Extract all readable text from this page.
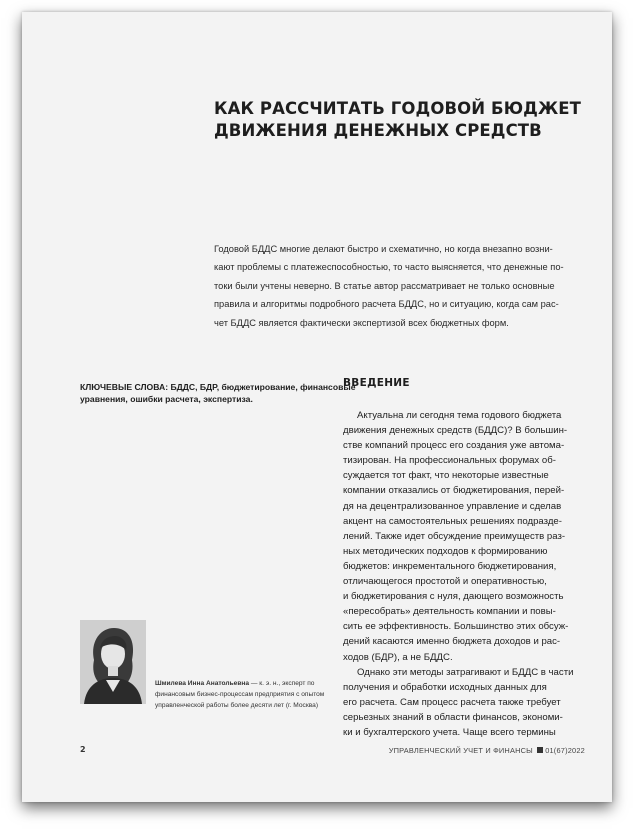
КАК РАССЧИТАТЬ ГОДОВОЙ БЮДЖЕТ
ДВИЖЕНИЯ ДЕНЕЖНЫХ СРЕДСТВ
Годовой БДДС многие делают быстро и схематично, но когда внезапно возни-
кают проблемы с платежеспособностью, то часто выясняется, что денежные по-
токи были учтены неверно. В статье автор рассматривает не только основные
правила и алгоритмы подробного расчета БДДС, но и ситуацию, когда сам рас-
чет БДДС является фактически экспертизой всех бюджетных форм.
КЛЮЧЕВЫЕ СЛОВА: БДДС, БДР, бюджетирование, финансовые
уравнения, ошибки расчета, экспертиза.
ВВЕДЕНИЕ
Актуальна ли сегодня тема годового бюджета
движения денежных средств (БДДС)? В большин-
стве компаний процесс его создания уже автома-
тизирован. На профессиональных форумах об-
суждается тот факт, что некоторые известные
компании отказались от бюджетирования, перей-
дя на децентрализованное управление и сделав
акцент на самостоятельных решениях подразде-
лений. Также идет обсуждение преимуществ раз-
ных методических подходов к формированию
бюджетов: инкрементального бюджетирования,
отличающегося простотой и оперативностью,
и бюджетирования с нуля, дающего возможность
«пересобрать» деятельность компании и повы-
сить ее эффективность. Большинство этих обсуж-
дений касаются именно бюджета доходов и рас-
ходов (БДР), а не БДДС.
Однако эти методы затрагивают и БДДС в части
получения и обработки исходных данных для
его расчета. Сам процесс расчета также требует
серьезных знаний в области финансов, экономи-
ки и бухгалтерского учета. Чаще всего термины
Шмилева Инна Анатольевна — к. э. н., эксперт по
финансовым бизнес-процессам предприятия с опытом
управленческой работы более десяти лет (г. Москва)
2	УПРАВЛЕНЧЕСКИЙ УЧЕТ И ФИНАНСЫ 01(67)2022
